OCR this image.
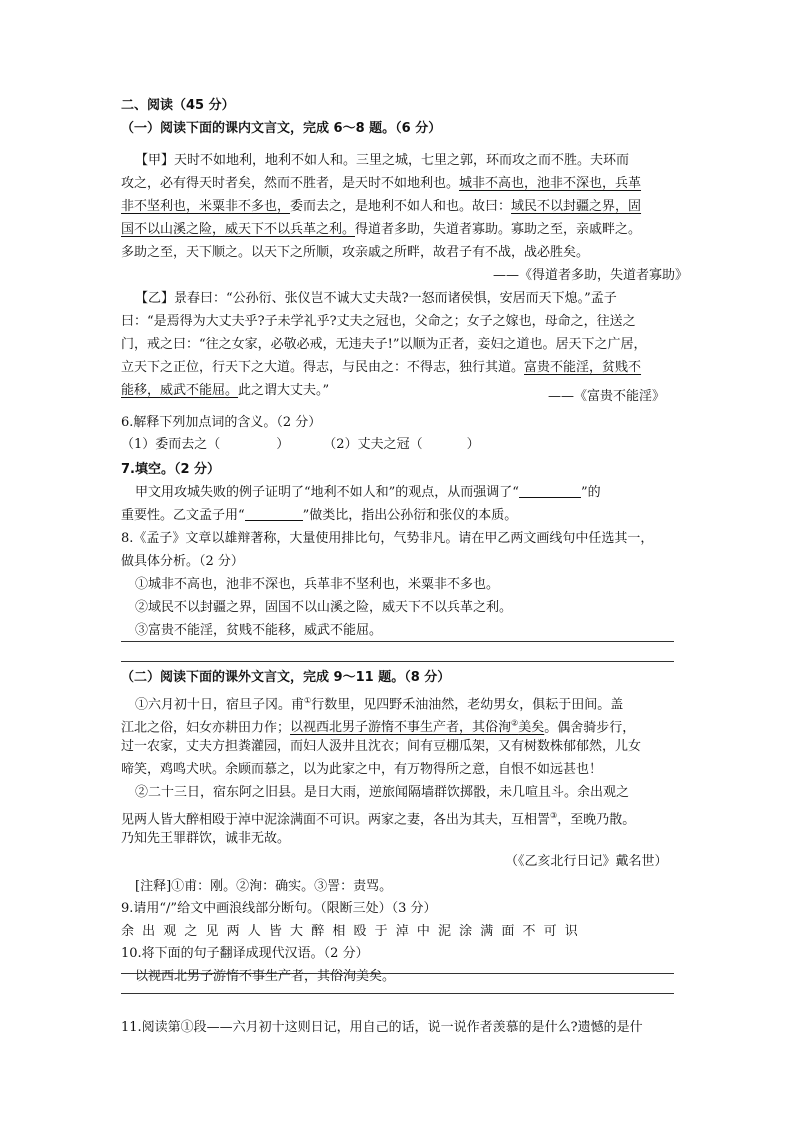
二、阅读（45 分）
（一）阅读下面的课内文言文，完成 6～8 题。（6 分）
【甲】天时不如地利，地利不如人和。三里之城，七里之郭，环而攻之而不胜。夫环而
攻之，必有得天时者矣，然而不胜者，是天时不如地利也。城非不高也，池非不深也，兵革
非不坚利也，米粟非不多也，委而去之，是地利不如人和也。故曰：域民不以封疆之界，固
国不以山溪之险，威天下不以兵革之利。得道者多助，失道者寡助。寡助之至，亲戚畔之。
多助之至，天下顺之。以天下之所顺，攻亲戚之所畔，故君子有不战，战必胜矣。
——《得道者多助，失道者寡助》
【乙】景春曰：“公孙衍、张仪岂不诚大丈夫哉?一怒而诸侯惧，安居而天下熄。”孟子
曰：“是焉得为大丈夫乎?子未学礼乎?丈夫之冠也，父命之；女子之嫁也，母命之，往送之
门，戒之曰：“往之女家，必敬必戒，无违夫子!”以顺为正者，妾妇之道也。居天下之广居，
立天下之正位，行天下之大道。得志，与民由之：不得志，独行其道。富贵不能淫，贫贱不
能移，威武不能屈。此之谓大丈夫。”	——《富贵不能淫》
6.解释下列加点词的含义。（2 分）
（1）委而去之（	）	（2）丈夫之冠（	）
7.填空。（2 分）
甲文用攻城失败的例子证明了“地利不如人和”的观点，从而强调了“	”的
重要性。乙文孟子用“	”做类比，指出公孙衍和张仪的本质。
8.《孟子》文章以雄辩著称，大量使用排比句，气势非凡。请在甲乙两文画线句中任选其一，
做具体分析。（2 分）
①城非不高也，池非不深也，兵革非不坚利也，米粟非不多也。
②域民不以封疆之界，固国不以山溪之险，威天下不以兵革之利。
③富贵不能淫，贫贱不能移，威武不能屈。
（二）阅读下面的课外文言文，完成 9～11 题。（8 分）
①六月初十日，宿旦子冈。甫①行数里，见四野禾油油然，老幼男女，俱耘于田间。盖
江北之俗，妇女亦耕田力作；以视西北男子游惰不事生产者，其俗洵②美矣。偶舍骑步行，
过一农家，丈夫方担粪灌园，而妇人汲井且沈衣；间有豆棚瓜架，又有树数株郁郁然，儿女
啼笑，鸡鸣犬吠。余顾而慕之，以为此家之中，有万物得所之意，自恨不如远甚也！
②二十三日，宿东阿之旧县。是日大雨，逆旅闻隔墙群饮掷骰，未几喧且斗。余出观之
见两人皆大醉相殴于淖中泥涂满面不可识。两家之妻，各出为其夫，互相詈③，至晚乃散。
乃知先王罪群饮，诚非无故。
（《乙亥北行日记》戴名世）
[注释]①甫：刚。②洵：确实。③詈：责骂。
9.请用“/”给文中画浪线部分断句。（限断三处）（3 分）
余 出 观 之 见 两 人 皆 大 醉 相 殴 于 淖 中 泥 涂 满 面 不 可 识
10.将下面的句子翻译成现代汉语。（2 分）
以视西北男子游惰不事生产者，其俗洵美矣。
11.阅读第①段——六月初十这则日记，用自己的话，说一说作者羡慕的是什么?遗憾的是什
